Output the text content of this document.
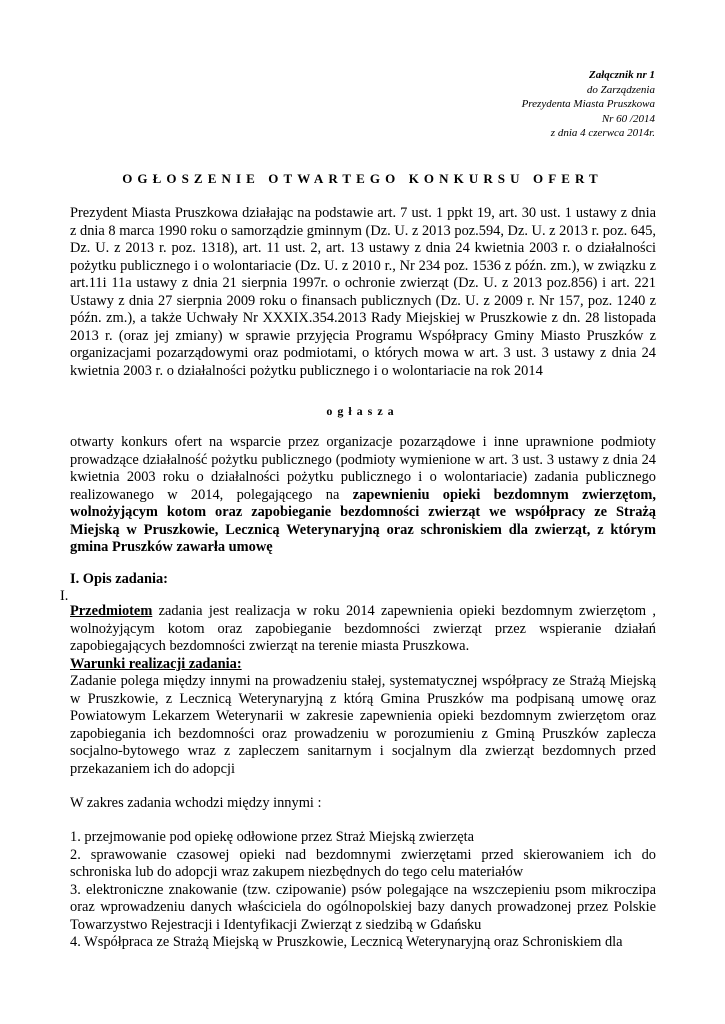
Załącznik nr 1
do Zarządzenia
Prezydenta Miasta Pruszkowa
Nr 60 /2014
z dnia 4 czerwca 2014r.
OGŁOSZENIE OTWARTEGO KONKURSU OFERT
Prezydent Miasta Pruszkowa działając na podstawie art. 7 ust. 1 ppkt 19, art. 30 ust. 1 ustawy z dnia z dnia 8 marca 1990 roku o samorządzie gminnym (Dz. U. z 2013 poz.594, Dz. U. z 2013 r. poz. 645, Dz. U. z 2013 r. poz. 1318), art. 11 ust. 2, art. 13 ustawy z dnia 24 kwietnia 2003 r. o działalności pożytku publicznego i o wolontariacie (Dz. U. z 2010 r., Nr 234 poz. 1536 z późn. zm.), w związku z art.11i 11a ustawy z dnia 21 sierpnia 1997r. o ochronie zwierząt (Dz. U. z 2013 poz.856) i art. 221 Ustawy z dnia 27 sierpnia 2009 roku o finansach publicznych (Dz. U. z 2009 r. Nr 157, poz. 1240 z późn. zm.), a także Uchwały Nr XXXIX.354.2013 Rady Miejskiej w Pruszkowie z dn. 28 listopada 2013 r. (oraz jej zmiany) w sprawie przyjęcia Programu Współpracy Gminy Miasto Pruszków z organizacjami pozarządowymi oraz podmiotami, o których mowa w art. 3 ust. 3 ustawy z dnia 24 kwietnia 2003 r. o działalności pożytku publicznego i o wolontariacie na rok 2014
ogłasza
otwarty konkurs ofert na wsparcie przez organizacje pozarządowe i inne uprawnione podmioty prowadzące działalność pożytku publicznego (podmioty wymienione w art. 3 ust. 3 ustawy z dnia 24 kwietnia 2003 roku o działalności pożytku publicznego i o wolontariacie) zadania publicznego realizowanego w 2014, polegającego na zapewnieniu opieki bezdomnym zwierzętom, wolnożyjącym kotom oraz zapobieganie bezdomności zwierząt we współpracy ze Strażą Miejską w Pruszkowie, Lecznicą Weterynaryjną oraz schroniskiem dla zwierząt, z którym gmina Pruszków zawarła umowę
I. Opis zadania:
I.
Przedmiotem zadania jest realizacja w roku 2014 zapewnienia opieki bezdomnym zwierzętom , wolnożyjącym kotom oraz zapobieganie bezdomności zwierząt przez wspieranie działań zapobiegających bezdomności zwierząt na terenie miasta Pruszkowa.
Warunki realizacji zadania:
Zadanie polega między innymi na prowadzeniu stałej, systematycznej współpracy ze Strażą Miejską w Pruszkowie, z Lecznicą Weterynaryjną z którą Gmina Pruszków ma podpisaną umowę oraz Powiatowym Lekarzem Weterynarii w zakresie zapewnienia opieki bezdomnym zwierzętom oraz zapobiegania ich bezdomności oraz prowadzeniu w porozumieniu z Gminą Pruszków zaplecza socjalno-bytowego wraz z zapleczem sanitarnym i socjalnym dla zwierząt bezdomnych przed przekazaniem ich do adopcji
W zakres zadania wchodzi między innymi :
1. przejmowanie pod opiekę odłowione przez Straż Miejską zwierzęta
2. sprawowanie czasowej opieki nad bezdomnymi zwierzętami przed skierowaniem ich do schroniska lub do adopcji wraz zakupem niezbędnych do tego celu materiałów
3. elektroniczne znakowanie (tzw. czipowanie) psów polegające na wszczepieniu psom mikroczipa oraz wprowadzeniu danych właściciela do ogólnopolskiej bazy danych prowadzonej przez Polskie Towarzystwo Rejestracji i Identyfikacji Zwierząt z siedzibą w Gdańsku
4. Współpraca ze Strażą Miejską w Pruszkowie, Lecznicą Weterynaryjną oraz Schroniskiem dla
